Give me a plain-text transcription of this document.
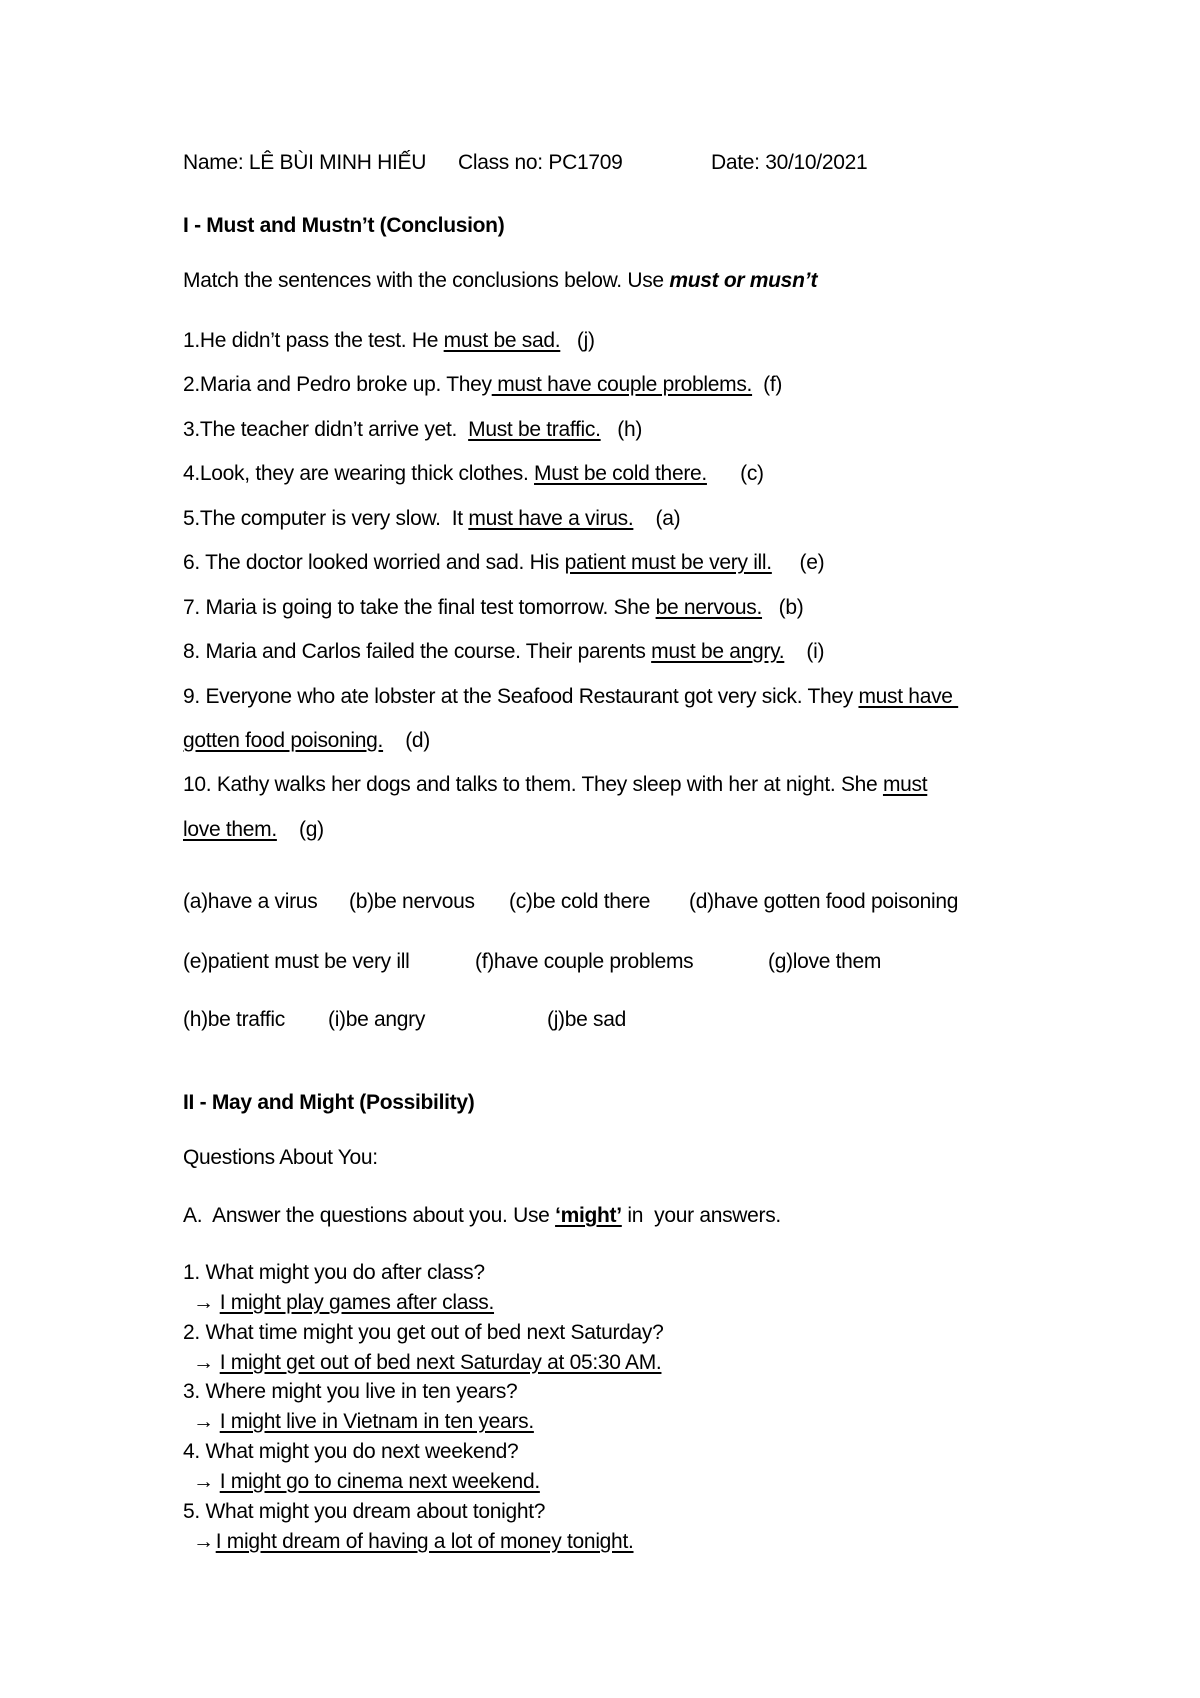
Name: LÊ BÙI MINH HIẾU

Class no: PC1709

	Date: 30/10/2021

I - Must and Mustn’t (Conclusion)
Match the sentences with the conclusions below. Use must or musn’t
1.He didn’t pass the test. He must be sad.   (j)
2.Maria and Pedro broke up. They must have couple problems.  (f)
3.The teacher didn’t arrive yet.  Must be traffic.   (h)
4.Look, they are wearing thick clothes. Must be cold there.      (c)
5.The computer is very slow.  It must have a virus.    (a)
6. The doctor looked worried and sad. His patient must be very ill.     (e)
7. Maria is going to take the final test tomorrow. She be nervous.   (b)
8. Maria and Carlos failed the course. Their parents must be angry.    (i)
9. Everyone who ate lobster at the Seafood Restaurant got very sick. They must have
gotten food poisoning.    (d)
10. Kathy walks her dogs and talks to them. They sleep with her at night. She must
love them.    (g)
(a)have a virus (b)be nervous (c)be cold there (d)have gotten food poisoning
(e)patient must be very ill	(f)have couple problems	(g)love them
(h)be traffic (i)be angry	(j)be sad
II - May and Might (Possibility)
Questions About You:
A.  Answer the questions about you. Use ‘might’ in  your answers.
1. What might you do after class?
→ I might play games after class.
2. What time might you get out of bed next Saturday?
→ I might get out of bed next Saturday at 05:30 AM.
3. Where might you live in ten years?
→ I might live in Vietnam in ten years.
4. What might you do next weekend?
→ I might go to cinema next weekend.
5. What might you dream about tonight?
→I might dream of having a lot of money tonight.
